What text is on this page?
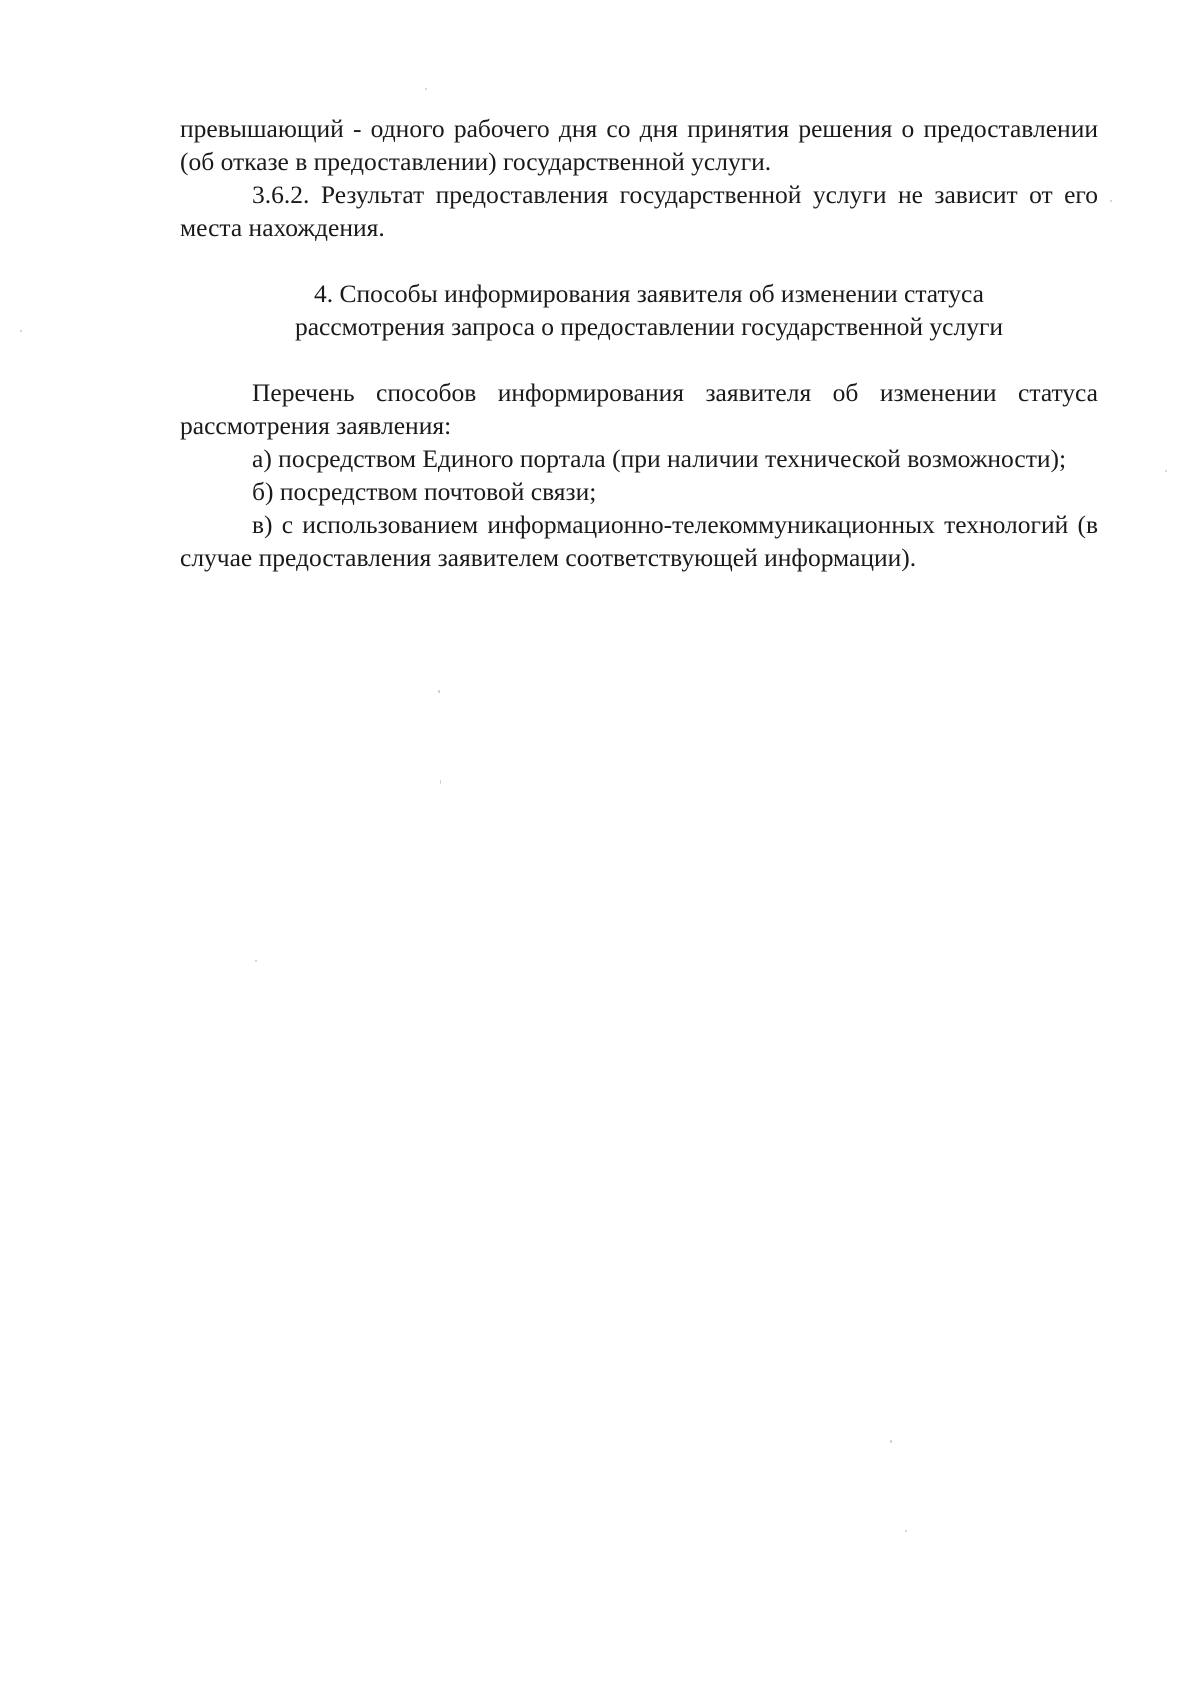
превышающий - одного рабочего дня со дня принятия решения о предоставлении (об отказе в предоставлении) государственной услуги.

3.6.2. Результат предоставления государственной услуги не зависит от его места нахождения.

4. Способы информирования заявителя об изменении статуса
рассмотрения запроса о предоставлении государственной услуги

Перечень способов информирования заявителя об изменении статуса рассмотрения заявления:

а) посредством Единого портала (при наличии технической возможности);

б) посредством почтовой связи;

в) с использованием информационно-телекоммуникационных технологий (в случае предоставления заявителем соответствующей информации).
